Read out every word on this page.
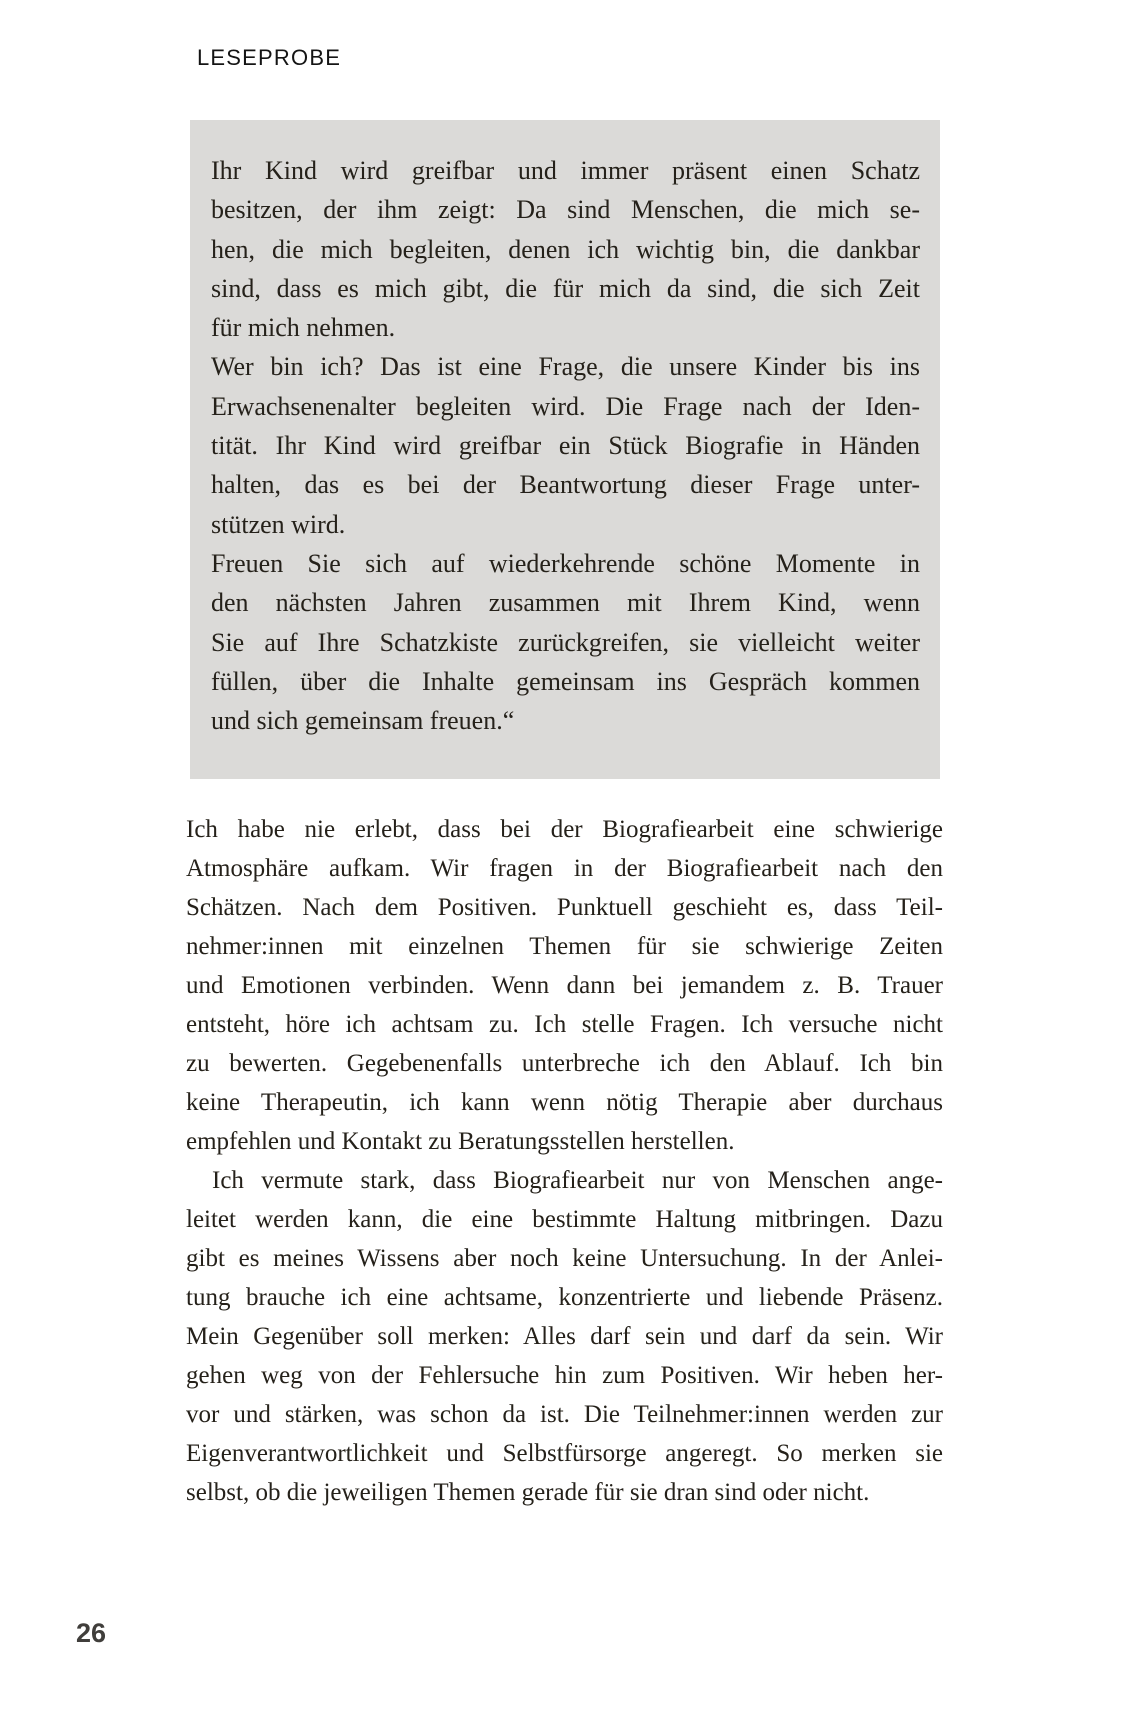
LESEPROBE
Ihr Kind wird greifbar und immer präsent einen Schatz
besitzen, der ihm zeigt: Da sind Menschen, die mich se-
hen, die mich begleiten, denen ich wichtig bin, die dankbar
sind, dass es mich gibt, die für mich da sind, die sich Zeit
für mich nehmen.
Wer bin ich? Das ist eine Frage, die unsere Kinder bis ins
Erwachsenenalter begleiten wird. Die Frage nach der Iden-
tität. Ihr Kind wird greifbar ein Stück Biografie in Händen
halten, das es bei der Beantwortung dieser Frage unter-
stützen wird.
Freuen Sie sich auf wiederkehrende schöne Momente in
den nächsten Jahren zusammen mit Ihrem Kind, wenn
Sie auf Ihre Schatzkiste zurückgreifen, sie vielleicht weiter
füllen, über die Inhalte gemeinsam ins Gespräch kommen
und sich gemeinsam freuen.“
Ich habe nie erlebt, dass bei der Biografiearbeit eine schwierige
Atmosphäre aufkam. Wir fragen in der Biografiearbeit nach den
Schätzen. Nach dem Positiven. Punktuell geschieht es, dass Teil-
nehmer:innen mit einzelnen Themen für sie schwierige Zeiten
und Emotionen verbinden. Wenn dann bei jemandem z. B. Trauer
entsteht, höre ich achtsam zu. Ich stelle Fragen. Ich versuche nicht
zu bewerten. Gegebenenfalls unterbreche ich den Ablauf. Ich bin
keine Therapeutin, ich kann wenn nötig Therapie aber durchaus
empfehlen und Kontakt zu Beratungsstellen herstellen.
Ich vermute stark, dass Biografiearbeit nur von Menschen ange-
leitet werden kann, die eine bestimmte Haltung mitbringen. Dazu
gibt es meines Wissens aber noch keine Untersuchung. In der Anlei-
tung brauche ich eine achtsame, konzentrierte und liebende Präsenz.
Mein Gegenüber soll merken: Alles darf sein und darf da sein. Wir
gehen weg von der Fehlersuche hin zum Positiven. Wir heben her-
vor und stärken, was schon da ist. Die Teilnehmer:innen werden zur
Eigenverantwortlichkeit und Selbstfürsorge angeregt. So merken sie
selbst, ob die jeweiligen Themen gerade für sie dran sind oder nicht.
26
